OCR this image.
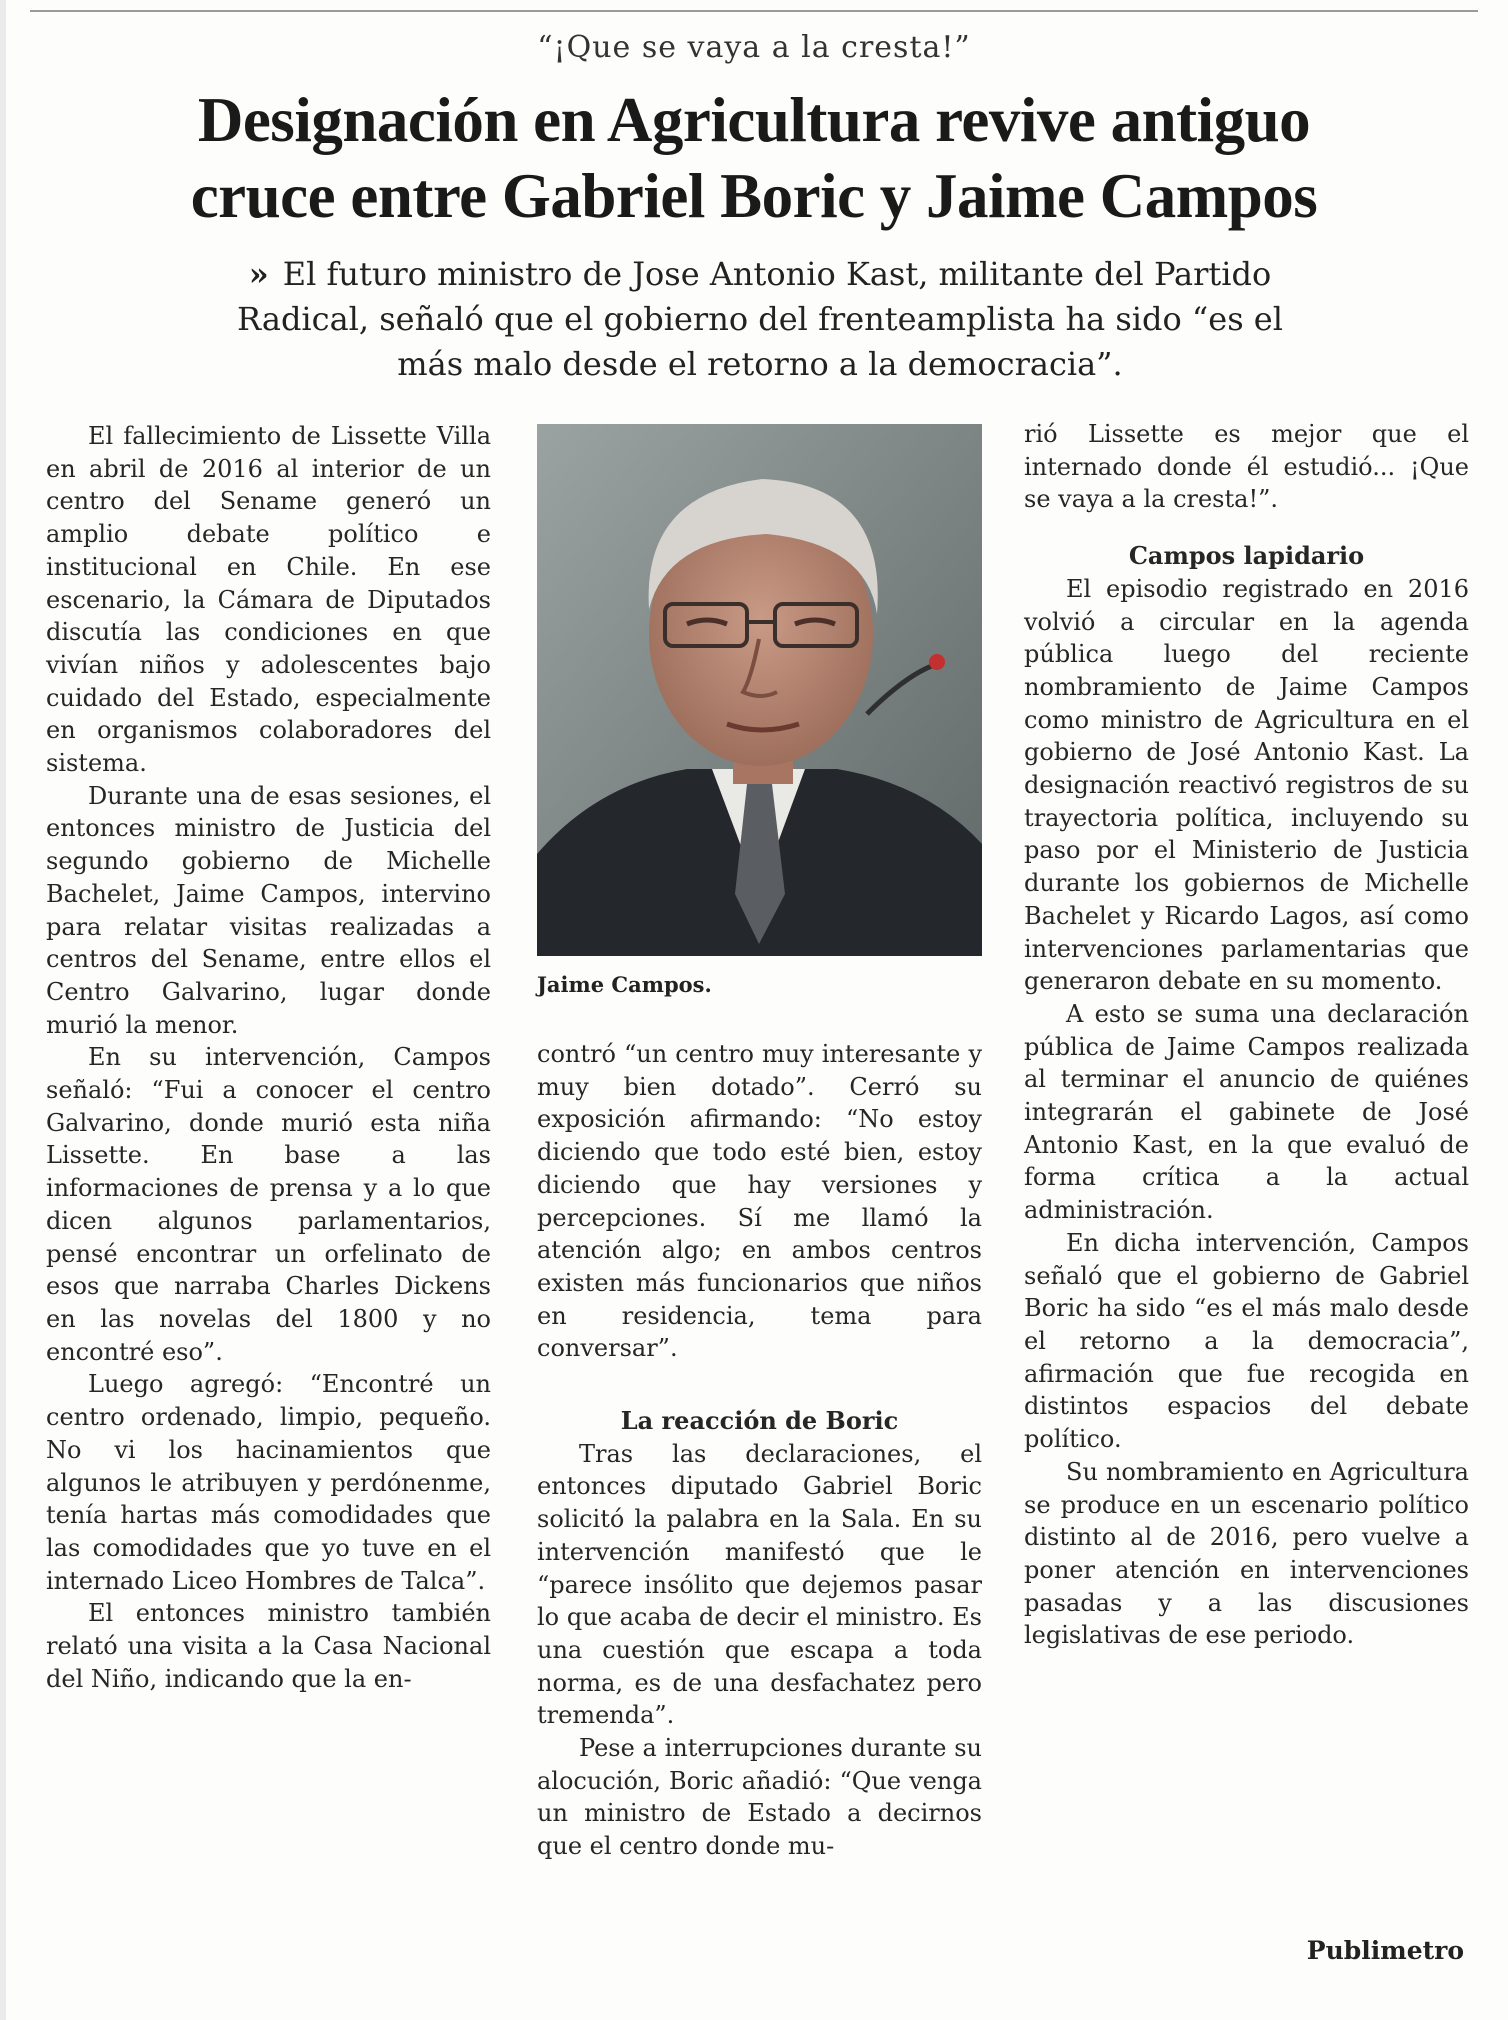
“¡Que se vaya a la cresta!”
Designación en Agricultura revive antiguo
cruce entre Gabriel Boric y Jaime Campos

» El futuro ministro de Jose Antonio Kast, militante del Partido Radical, señaló que el gobierno del frenteamplista ha sido “es el más malo desde el retorno a la democracia”.

El fallecimiento de Lissette Villa en abril de 2016 al interior de un centro del Sename generó un amplio debate político e institucional en Chile. En ese escenario, la Cámara de Diputados discutía las condiciones en que vivían niños y adolescentes bajo cuidado del Estado, especialmente en organismos colaboradores del sistema.

Durante una de esas sesiones, el entonces ministro de Justicia del segundo gobierno de Michelle Bachelet, Jaime Campos, intervino para relatar visitas realizadas a centros del Sename, entre ellos el Centro Galvarino, lugar donde murió la menor.

En su intervención, Campos señaló: “Fui a conocer el centro Galvarino, donde murió esta niña Lissette. En base a las informaciones de prensa y a lo que dicen algunos parlamentarios, pensé encontrar un orfelinato de esos que narraba Charles Dickens en las novelas del 1800 y no encontré eso”.

Luego agregó: “Encontré un centro ordenado, limpio, pequeño. No vi los hacinamientos que algunos le atribuyen y perdónenme, tenía hartas más comodidades que las comodidades que yo tuve en el internado Liceo Hombres de Talca”.

El entonces ministro también relató una visita a la Casa Nacional del Niño, indicando que la en-

Jaime Campos.

contró “un centro muy interesante y muy bien dotado”. Cerró su exposición afirmando: “No estoy diciendo que todo esté bien, estoy diciendo que hay versiones y percepciones. Sí me llamó la atención algo; en ambos centros existen más funcionarios que niños en residencia, tema para conversar”.

La reacción de Boric

Tras las declaraciones, el entonces diputado Gabriel Boric solicitó la palabra en la Sala. En su intervención manifestó que le “parece insólito que dejemos pasar lo que acaba de decir el ministro. Es una cuestión que escapa a toda norma, es de una desfachatez pero tremenda”.

Pese a interrupciones durante su alocución, Boric añadió: “Que venga un ministro de Estado a decirnos que el centro donde mu-

rió Lissette es mejor que el internado donde él estudió... ¡Que se vaya a la cresta!”.

Campos lapidario

El episodio registrado en 2016 volvió a circular en la agenda pública luego del reciente nombramiento de Jaime Campos como ministro de Agricultura en el gobierno de José Antonio Kast. La designación reactivó registros de su trayectoria política, incluyendo su paso por el Ministerio de Justicia durante los gobiernos de Michelle Bachelet y Ricardo Lagos, así como intervenciones parlamentarias que generaron debate en su momento.

A esto se suma una declaración pública de Jaime Campos realizada al terminar el anuncio de quiénes integrarán el gabinete de José Antonio Kast, en la que evaluó de forma crítica a la actual administración.

En dicha intervención, Campos señaló que el gobierno de Gabriel Boric ha sido “es el más malo desde el retorno a la democracia”, afirmación que fue recogida en distintos espacios del debate político.

Su nombramiento en Agricultura se produce en un escenario político distinto al de 2016, pero vuelve a poner atención en intervenciones pasadas y a las discusiones legislativas de ese periodo.

Publimetro
